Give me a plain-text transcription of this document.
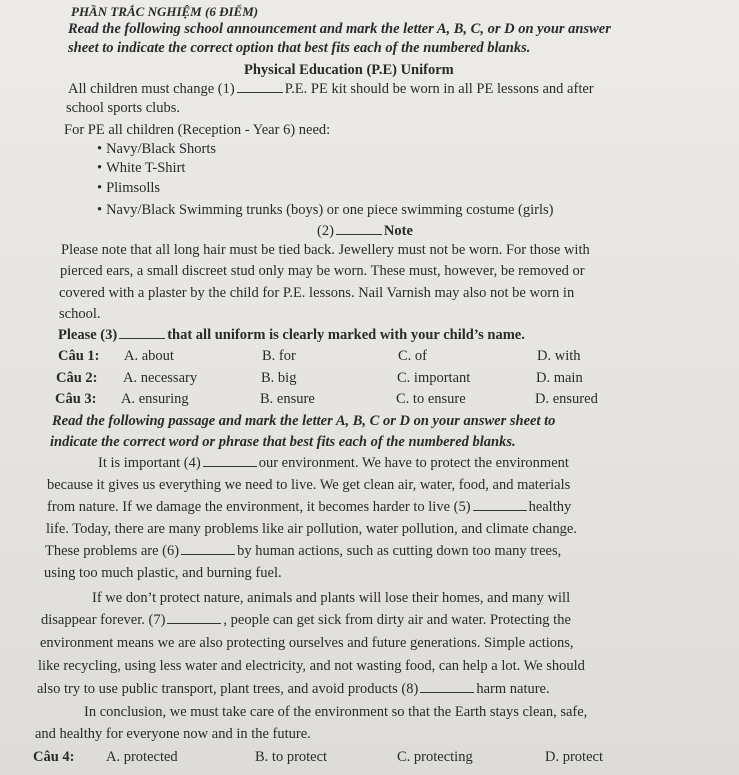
PHẦN TRẮC NGHIỆM (6 ĐIỂM)
Read the following school announcement and mark the letter A, B, C, or D on your answer
sheet to indicate the correct option that best fits each of the numbered blanks.
Physical Education (P.E) Uniform
All children must change (1)	P.E. PE kit should be worn in all PE lessons and after
school sports clubs.
For PE all children (Reception - Year 6) need:
• Navy/Black Shorts
• White T-Shirt
• Plimsolls
• Navy/Black Swimming trunks (boys) or one piece swimming costume (girls)
(2)	Note
Please note that all long hair must be tied back. Jewellery must not be worn. For those with
pierced ears, a small discreet stud only may be worn. These must, however, be removed or
covered with a plaster by the child for P.E. lessons. Nail Varnish may also not be worn in
school.
Please (3)	that all uniform is clearly marked with your child’s name.
Câu 1: A. about	B. for	C. of	D. with
Câu 2: A. necessary	B. big	C. important	D. main
Câu 3: A. ensuring	B. ensure	C. to ensure	D. ensured
Read the following passage and mark the letter A, B, C or D on your answer sheet to
indicate the correct word or phrase that best fits each of the numbered blanks.
It is important (4)	our environment. We have to protect the environment
because it gives us everything we need to live. We get clean air, water, food, and materials
from nature. If we damage the environment, it becomes harder to live (5)	healthy
life. Today, there are many problems like air pollution, water pollution, and climate change.
These problems are (6)	by human actions, such as cutting down too many trees,
using too much plastic, and burning fuel.
If we don’t protect nature, animals and plants will lose their homes, and many will
disappear forever. (7)	, people can get sick from dirty air and water. Protecting the
environment means we are also protecting ourselves and future generations. Simple actions,
like recycling, using less water and electricity, and not wasting food, can help a lot. We should
also try to use public transport, plant trees, and avoid products (8)	harm nature.
In conclusion, we must take care of the environment so that the Earth stays clean, safe,
and healthy for everyone now and in the future.
Câu 4: A. protected	B. to protect	C. protecting	D. protect
